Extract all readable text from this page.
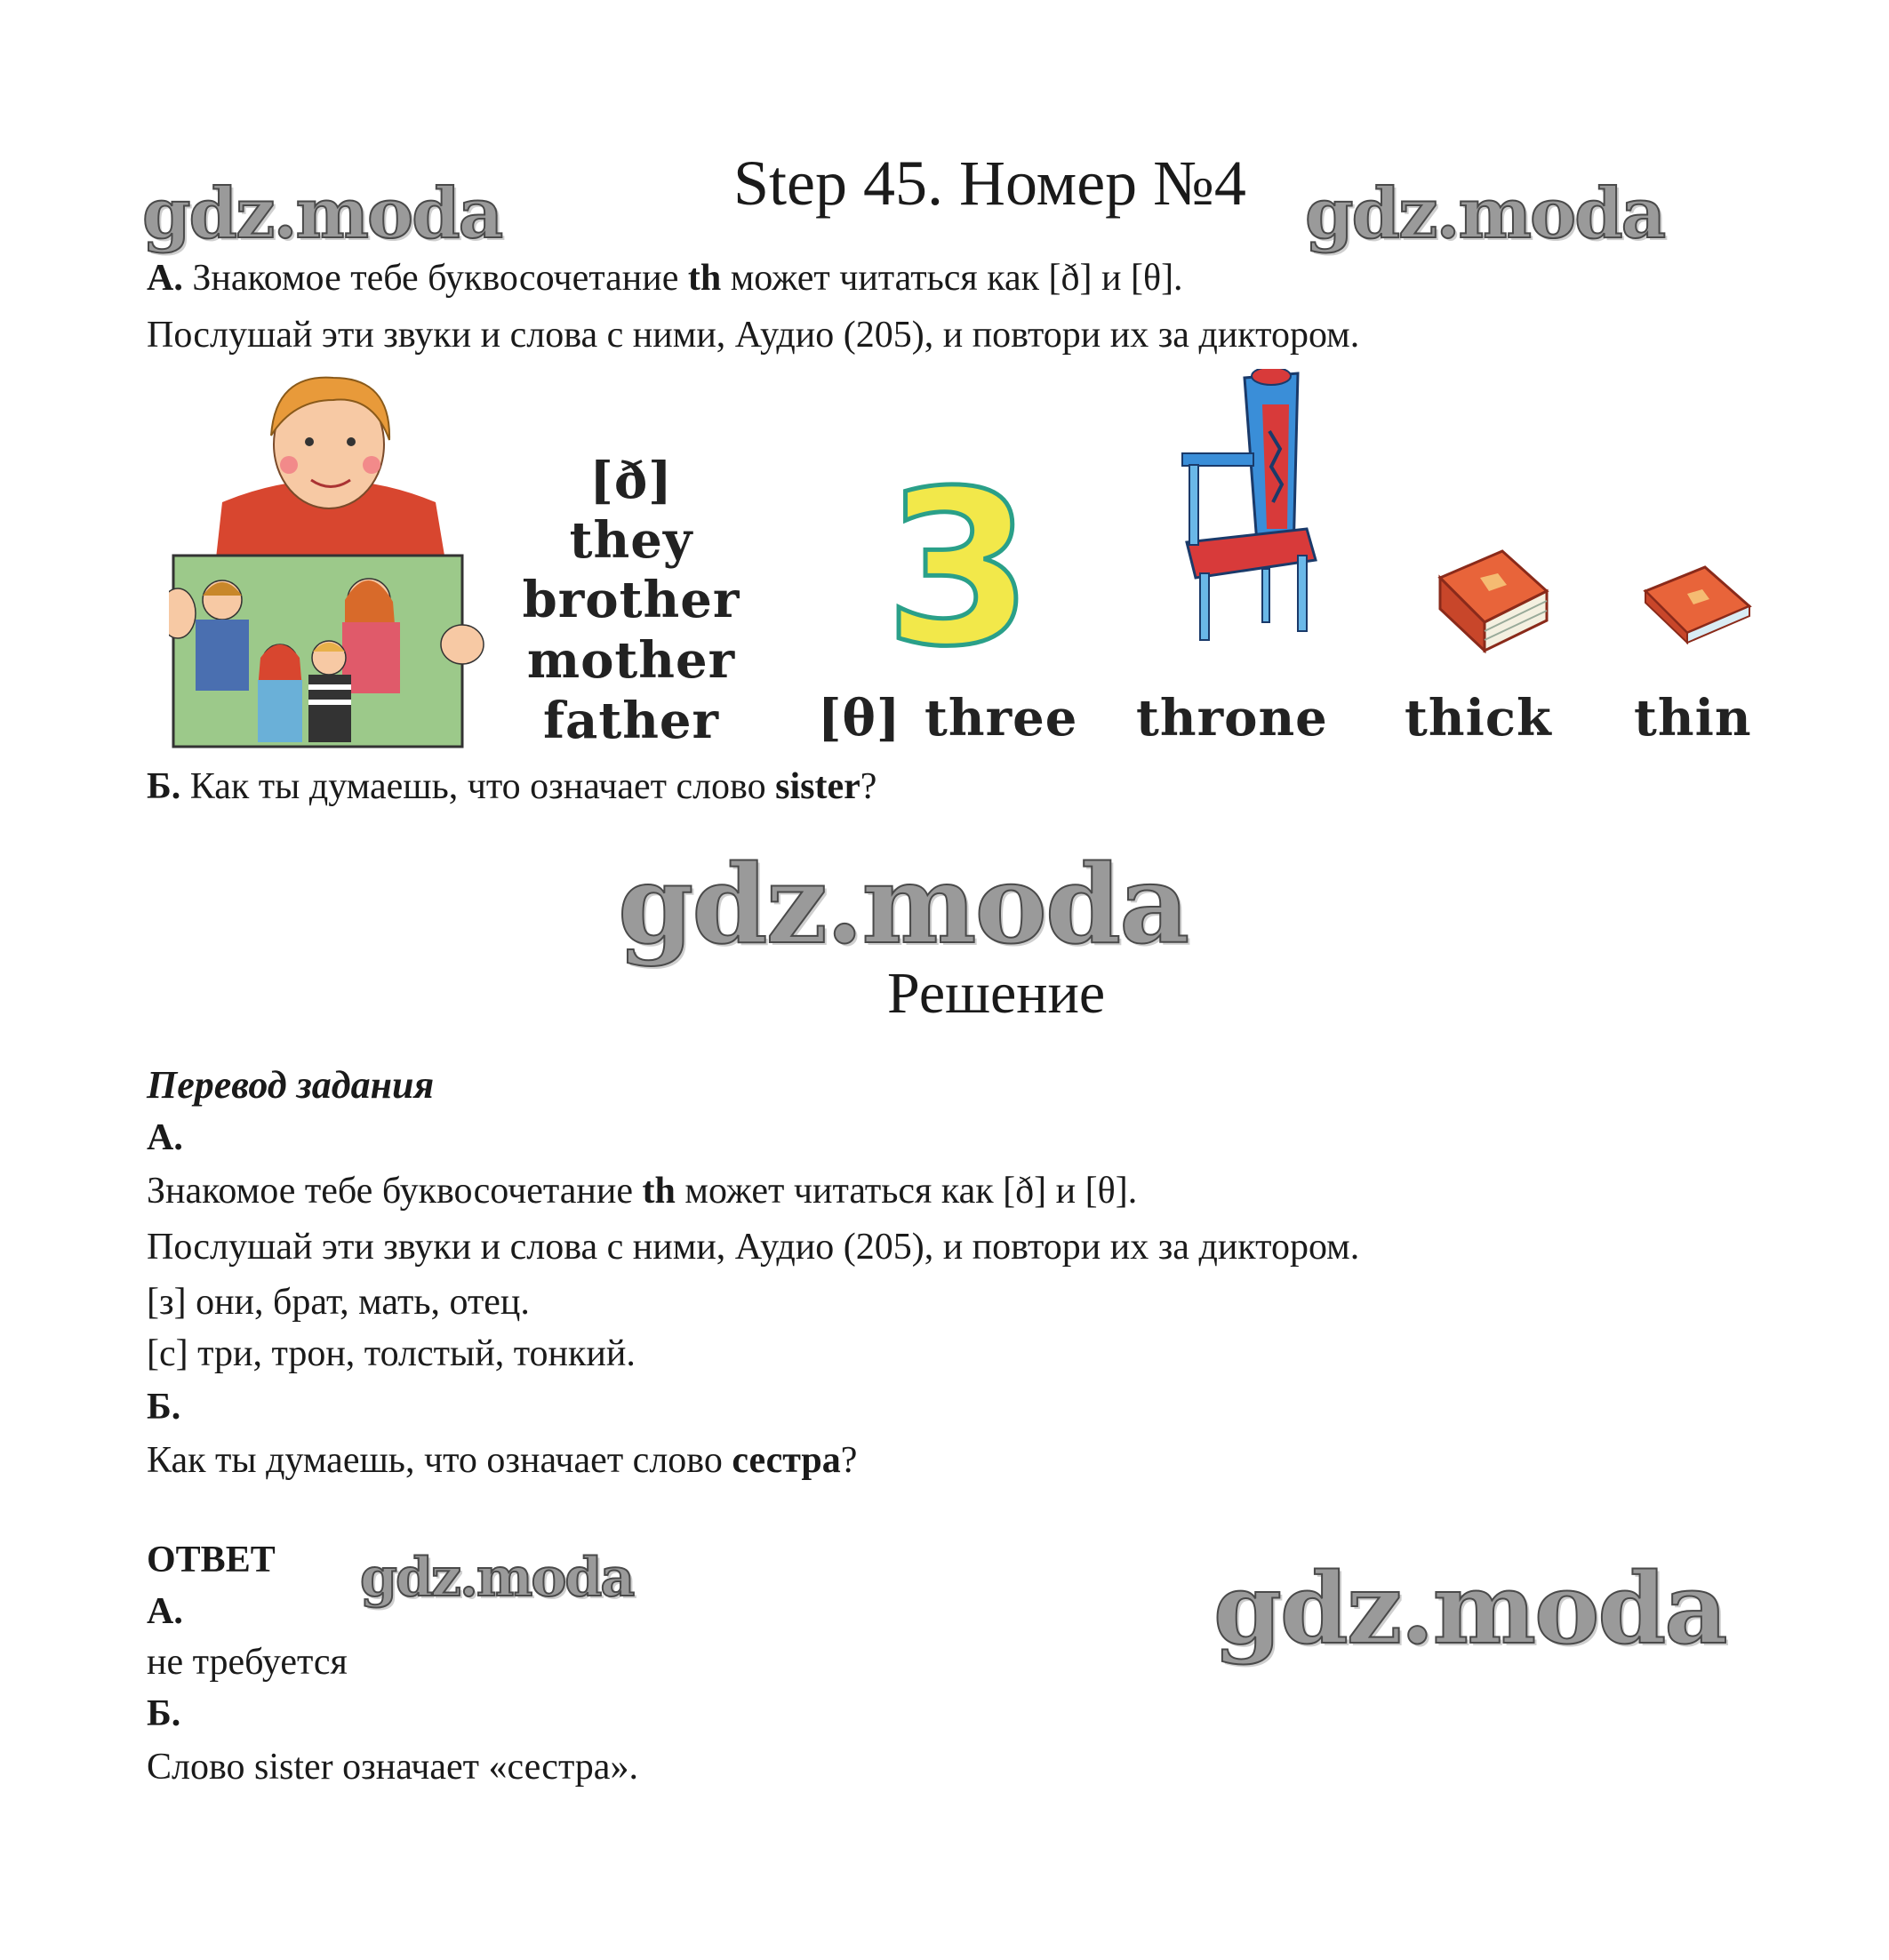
gdz.moda	gdz.moda
gdz.moda
gdz.moda	gdz.moda
Step 45. Номер №4
А. Знакомое тебе буквосочетание th может читаться как [ð] и [θ].
Послушай эти звуки и слова с ними, Аудио (205), и повтори их за диктором.
[ð]
they
brother
mother
father
3
[θ] three throne thick thin
Б. Как ты думаешь, что означает слово sister?
Решение
Перевод задания
А.
Знакомое тебе буквосочетание th может читаться как [ð] и [θ].
Послушай эти звуки и слова с ними, Аудио (205), и повтори их за диктором.
[з] они, брат, мать, отец.
[с] три, трон, толстый, тонкий.
Б.
Как ты думаешь, что означает слово сестра?
ОТВЕТ
А.
не требуется
Б.
Слово sister означает «сестра».
